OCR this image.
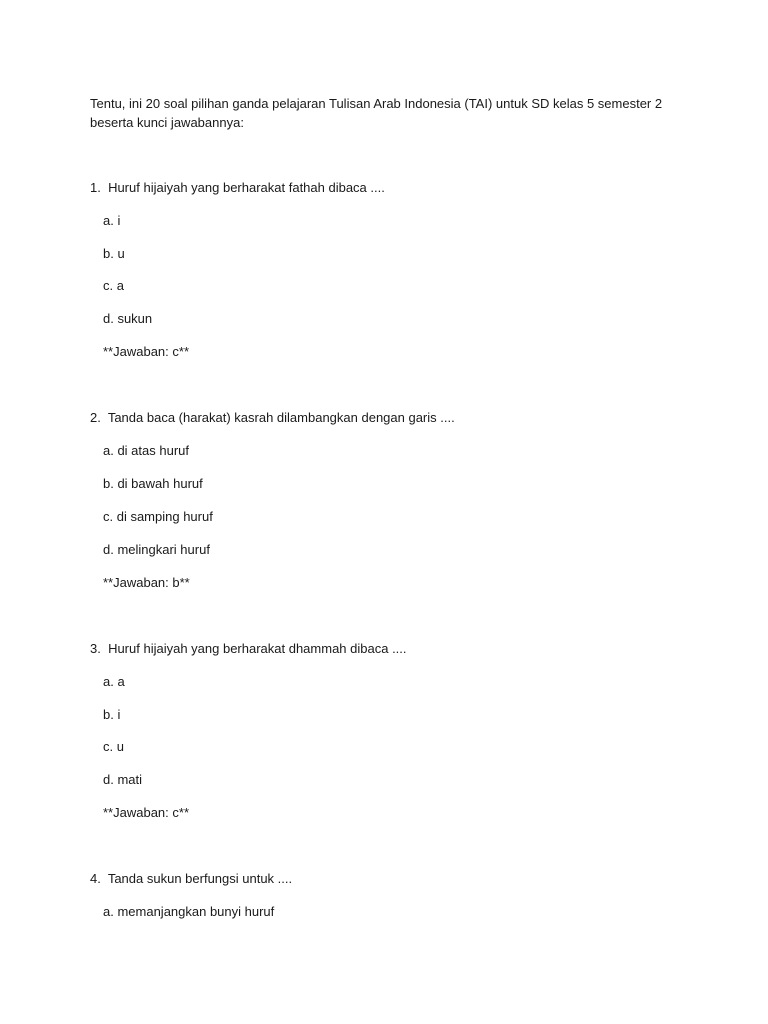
Tentu, ini 20 soal pilihan ganda pelajaran Tulisan Arab Indonesia (TAI) untuk SD kelas 5 semester 2 beserta kunci jawabannya:

1.  Huruf hijaiyah yang berharakat fathah dibaca ....

a. i

b. u

c. a

d. sukun

**Jawaban: c**

2.  Tanda baca (harakat) kasrah dilambangkan dengan garis ....

a. di atas huruf

b. di bawah huruf

c. di samping huruf

d. melingkari huruf

**Jawaban: b**

3.  Huruf hijaiyah yang berharakat dhammah dibaca ....

a. a

b. i

c. u

d. mati

**Jawaban: c**

4.  Tanda sukun berfungsi untuk ....

a. memanjangkan bunyi huruf
